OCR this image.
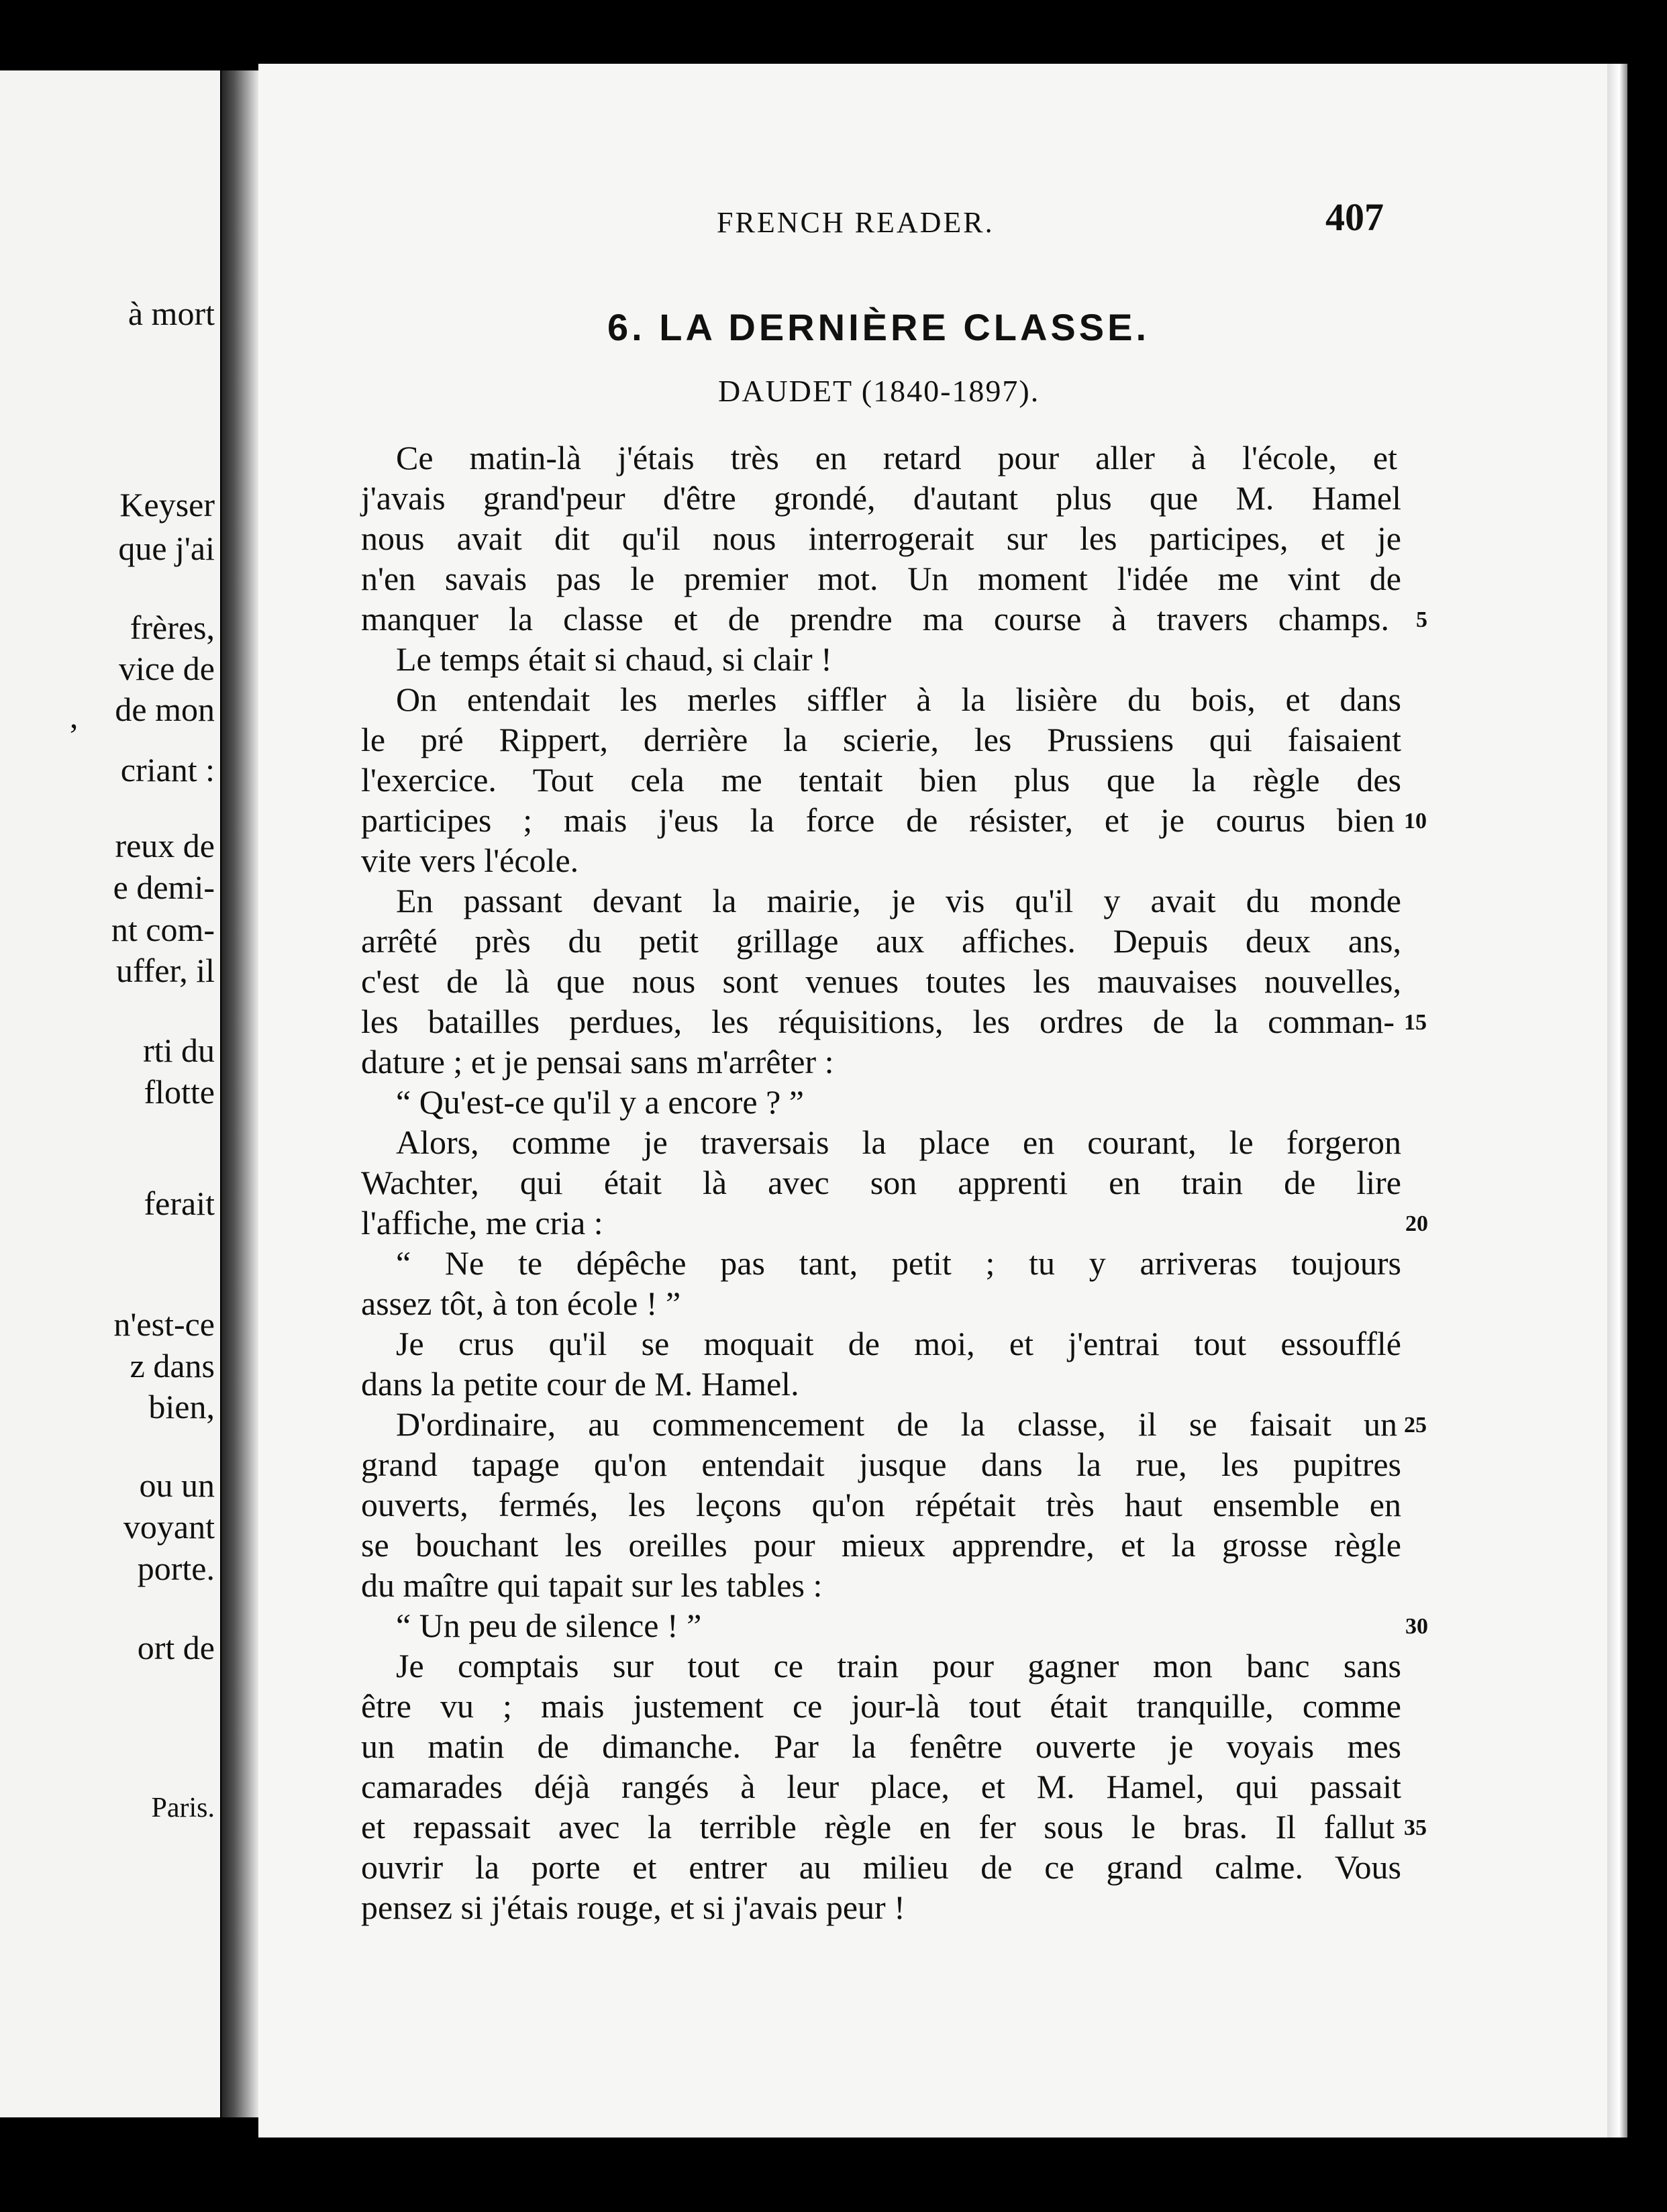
à mort
Keyser
que j'ai
frères,
vice de
de mon
’
criant :
reux de
e demi-
nt com-
uffer, il
rti du
flotte
ferait
n'est-ce
z dans
bien,
ou un
voyant
porte.
ort de
Paris.
FRENCH READER.	407
6. LA DERNIÈRE CLASSE.
DAUDET (1840-1897).
Ce matin-là j'étais très en retard pour aller à l'école, et
j'avais grand'peur d'être grondé, d'autant plus que M. Hamel
nous avait dit qu'il nous interrogerait sur les participes, et je
n'en savais pas le premier mot. Un moment l'idée me vint de
manquer la classe et de prendre ma course à travers champs.
Le temps était si chaud, si clair !
On entendait les merles siffler à la lisière du bois, et dans
le pré Rippert, derrière la scierie, les Prussiens qui faisaient
l'exercice. Tout cela me tentait bien plus que la règle des
participes ; mais j'eus la force de résister, et je courus bien
vite vers l'école.
En passant devant la mairie, je vis qu'il y avait du monde
arrêté près du petit grillage aux affiches. Depuis deux ans,
c'est de là que nous sont venues toutes les mauvaises nouvelles,
les batailles perdues, les réquisitions, les ordres de la comman-
dature ; et je pensai sans m'arrêter :
“ Qu'est-ce qu'il y a encore ? ”
Alors, comme je traversais la place en courant, le forgeron
Wachter, qui était là avec son apprenti en train de lire
l'affiche, me cria :
“ Ne te dépêche pas tant, petit ; tu y arriveras toujours
assez tôt, à ton école ! ”
Je crus qu'il se moquait de moi, et j'entrai tout essoufflé
dans la petite cour de M. Hamel.
D'ordinaire, au commencement de la classe, il se faisait un
grand tapage qu'on entendait jusque dans la rue, les pupitres
ouverts, fermés, les leçons qu'on répétait très haut ensemble en
se bouchant les oreilles pour mieux apprendre, et la grosse règle
du maître qui tapait sur les tables :
“ Un peu de silence ! ”
Je comptais sur tout ce train pour gagner mon banc sans
être vu ; mais justement ce jour-là tout était tranquille, comme
un matin de dimanche. Par la fenêtre ouverte je voyais mes
camarades déjà rangés à leur place, et M. Hamel, qui passait
et repassait avec la terrible règle en fer sous le bras. Il fallut
ouvrir la porte et entrer au milieu de ce grand calme. Vous
pensez si j'étais rouge, et si j'avais peur !
5
10
15
20
25
30
35
